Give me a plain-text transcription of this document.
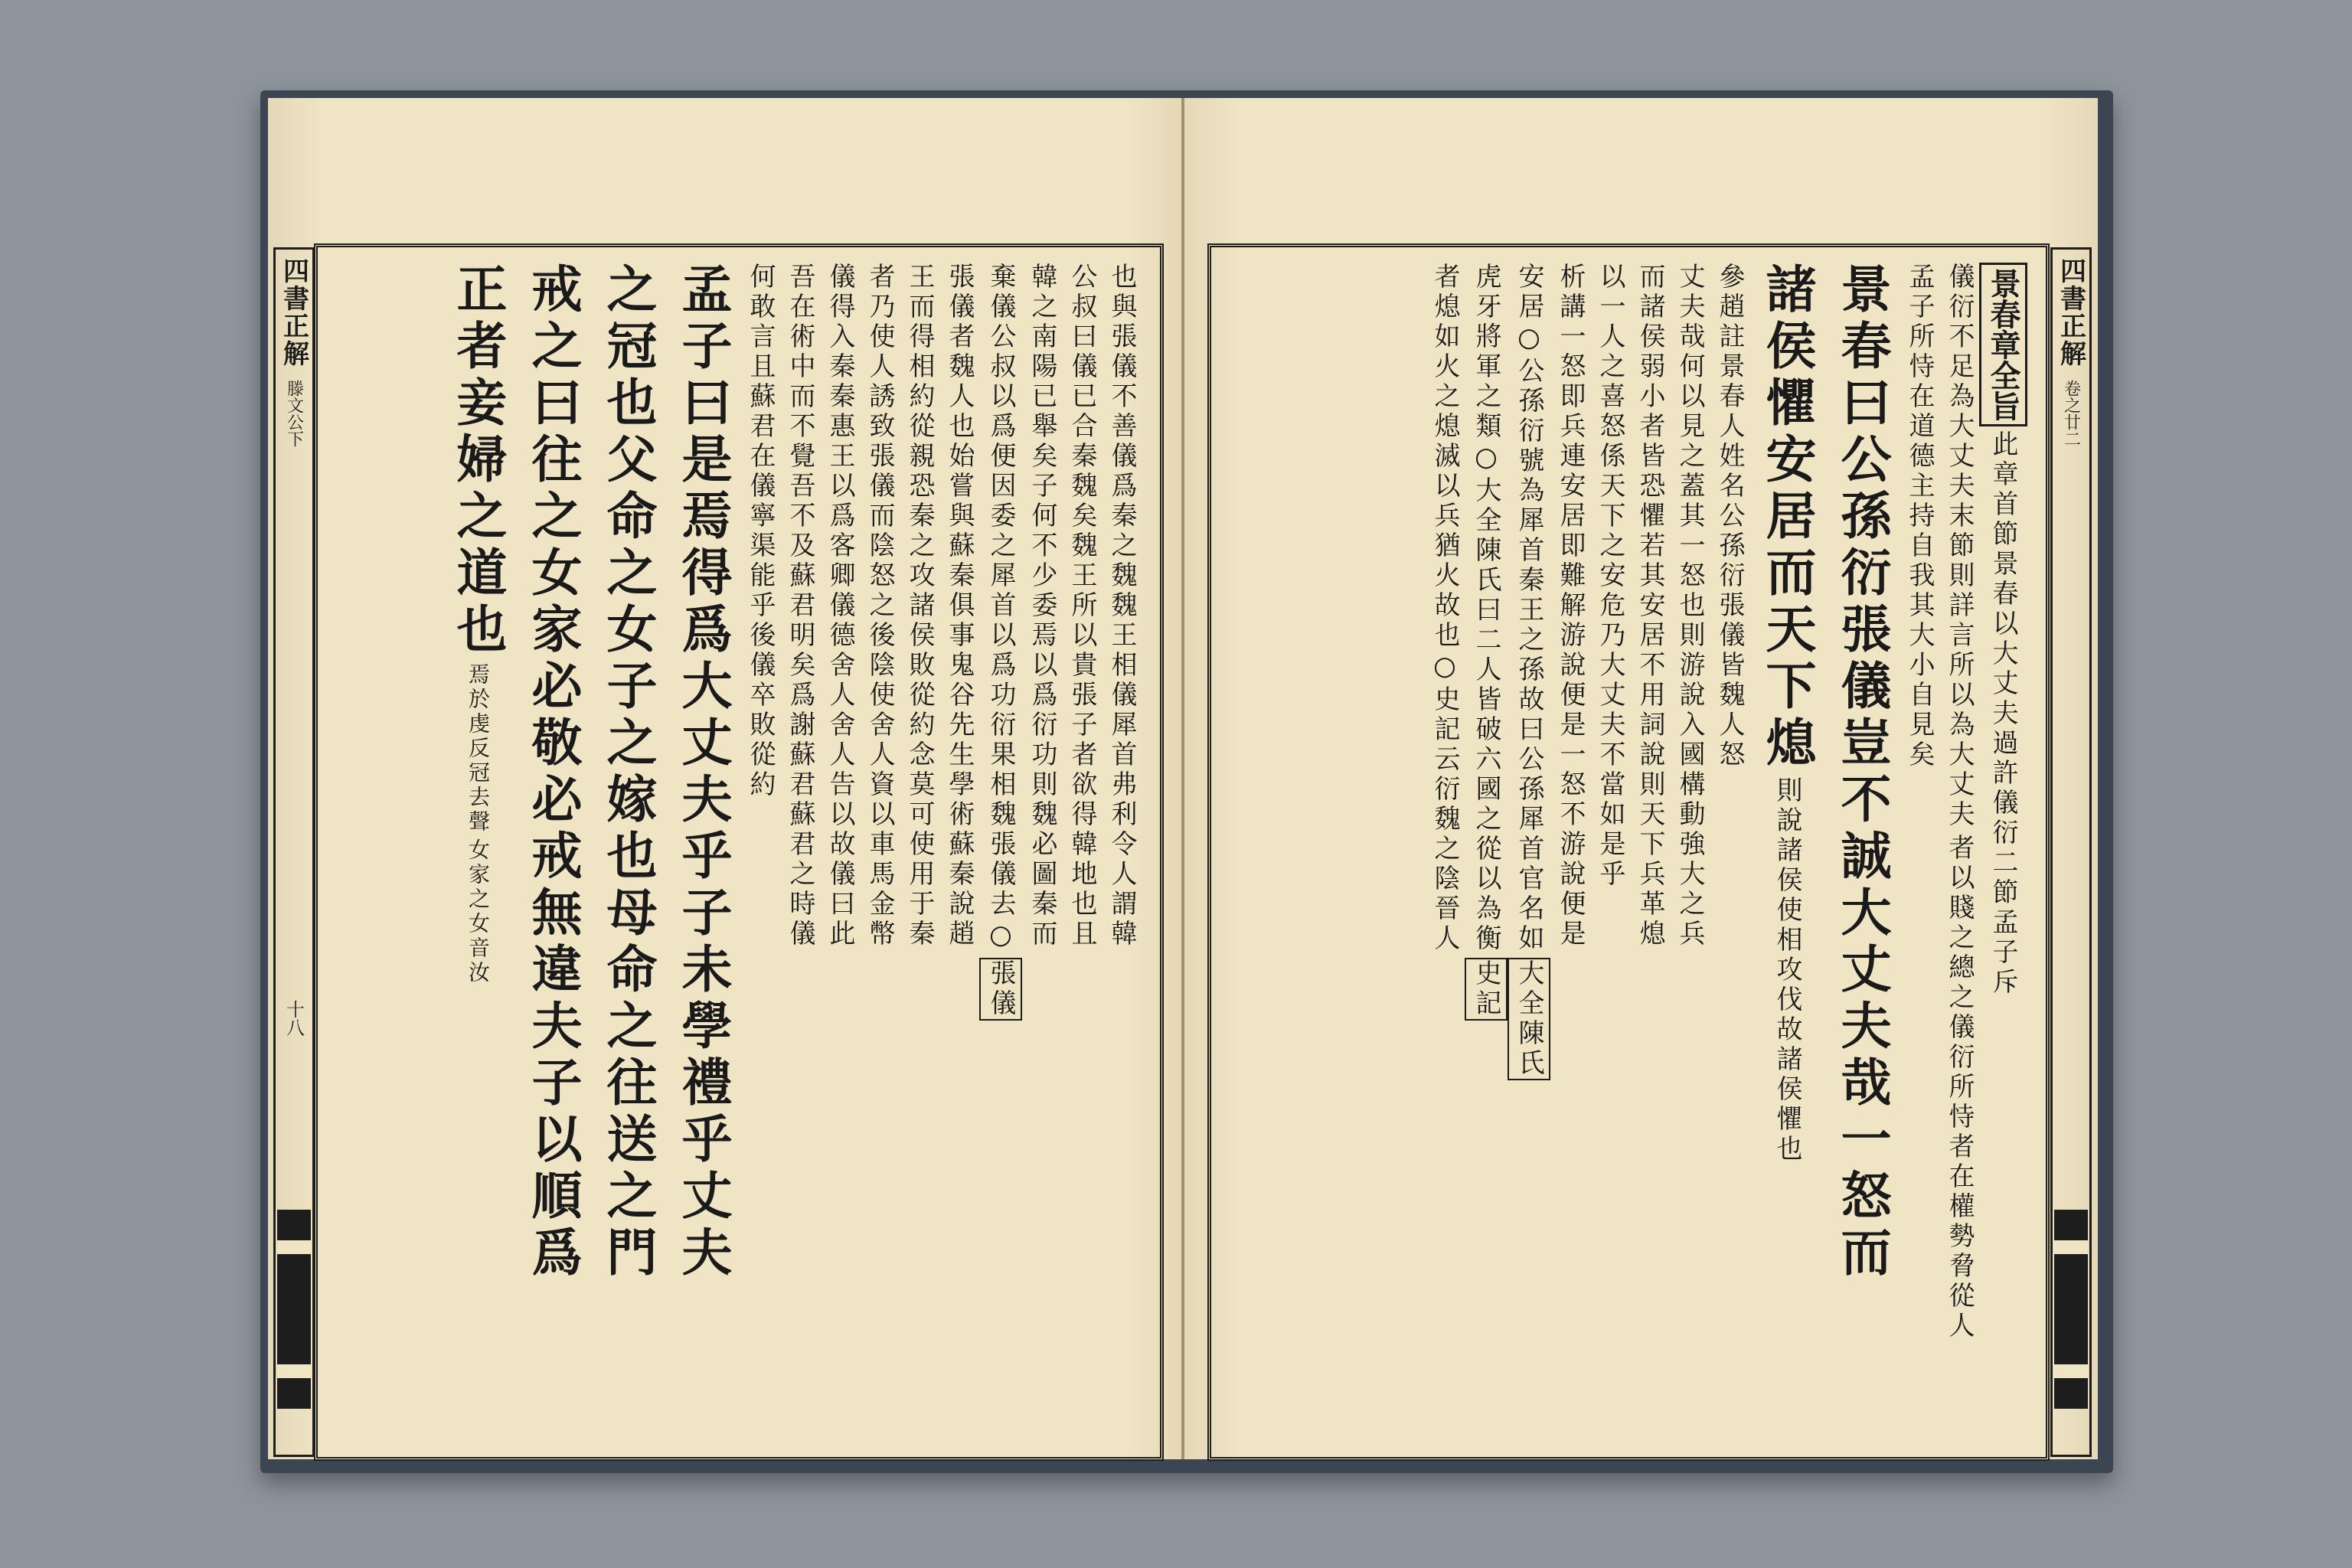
四書正解
滕文公下
十八
也與張儀不善儀爲秦之魏魏王相儀犀首弗利令人謂韓 公叔曰儀已合秦魏矣魏王所以貴張子者欲得韓地也且 韓之南陽已舉矣子何不少委焉以爲衍功則魏必圖秦而 棄儀公叔以爲便因委之犀首以爲功衍果相魏張儀去○ 張儀 張儀者魏人也始嘗與蘇秦俱事鬼谷先生學術蘇秦說趙 王而得相約從親恐秦之攻諸侯敗從約念莫可使用于秦 者乃使人誘致張儀而陰怒之後陰使舍人資以車馬金幣 儀得入秦秦惠王以爲客卿儀德舍人舍人告以故儀曰此 吾在術中而不覺吾不及蘇君明矣爲謝蘇君蘇君之時儀 何敢言且蘇君在儀寧渠能乎後儀卒敗從約 孟子曰是焉得爲大丈夫乎子未學禮乎丈夫 之冠也父命之女子之嫁也母命之往送之門 戒之曰往之女家必敬必戒無違夫子以順爲 正者妾婦之道也 焉於虔反冠去聲 女家之女音汝
四書正解
卷之廿二
景春章全旨 此章首節景春以大丈夫過許儀衍二節孟子斥 儀衍不足為大丈夫末節則詳言所以為大丈夫 者以賤之總之儀衍所恃者在權勢脅從人 孟子所恃在道德主持自我其大小自見矣 景春曰公孫衍張儀豈不誠大丈夫哉一怒而 諸侯懼安居而天下熄 則說諸侯使相攻伐故諸侯懼也 參趙註景春人姓名公孫衍張儀皆魏人怒 丈夫哉何以見之蓋其一怒也則游說入國構動強大之兵 而諸侯弱小者皆恐懼若其安居不用詞說則天下兵革熄 以一人之喜怒係天下之安危乃大丈夫不當如是乎 析講一怒即兵連安居即難解游說便是一怒不游說便是 安居○公孫衍號為犀首秦王之孫故曰公孫犀首官名如 大全陳氏 虎牙將軍之類○大全陳氏曰二人皆破六國之從以為衡 史記 者熄如火之熄滅以兵猶火故也○史記云衍魏之陰晉人
